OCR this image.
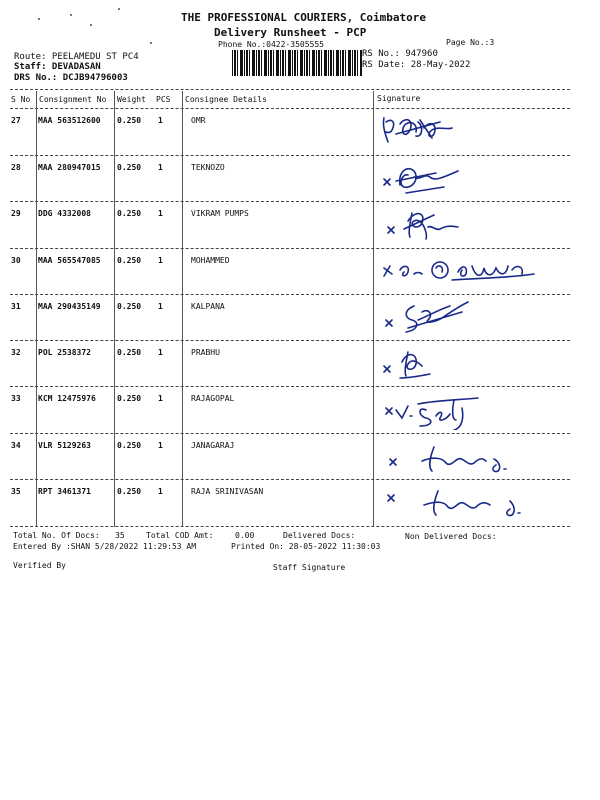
THE PROFESSIONAL COURIERS, Coimbatore
Delivery Runsheet - PCP
Phone No.:0422-3505555	Page No.:3
Route: PEELAMEDU ST PC4
Staff: DEVADASAN
DRS No.: DCJB94796003
RS No.: 947960
RS Date: 28-May-2022
S No Consignment No Weight PCS Consignee Details	Signature
27 MAA 563512600 0.250 1	OMR
28 MAA 280947015 0.250 1	TEKNOZO
29 DDG 4332008	0.250 1	VIKRAM PUMPS
30 MAA 565547085 0.250 1	MOHAMMED
31 MAA 290435149 0.250 1	KALPANA
32 POL 2538372	0.250 1	PRABHU
33 KCM 12475976	0.250 1	RAJAGOPAL
34 VLR 5129263	0.250 1	JANAGARAJ
35 RPT 3461371	0.250 1	RAJA SRINIVASAN
Total No. Of Docs: 35	Total COD Amt:	0.00	Delivered Docs:	Non Delivered Docs:
Entered By :SHAN 5/28/2022 11:29:53 AM	Printed On: 28-05-2022 11:30:03
Verified By	Staff Signature
